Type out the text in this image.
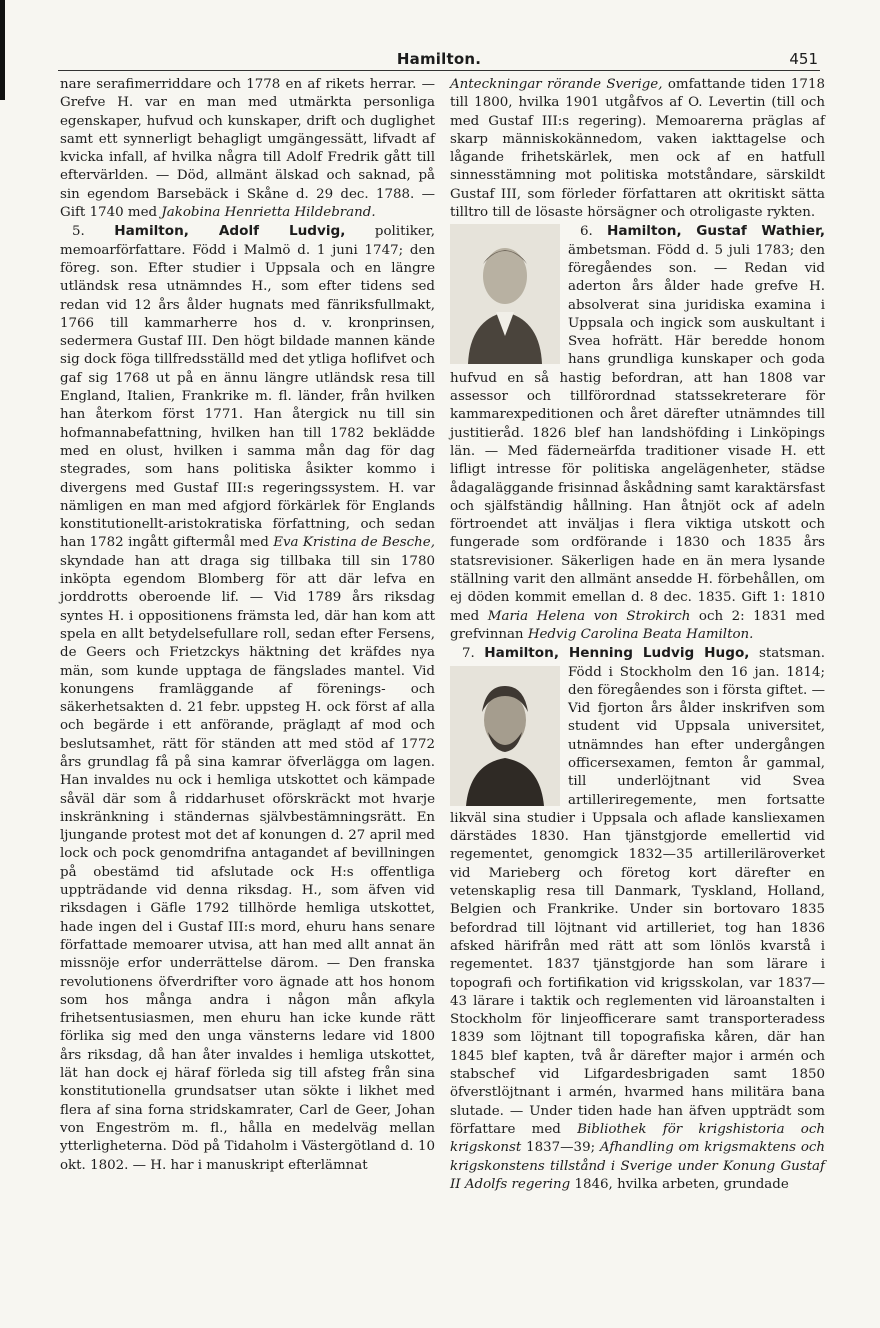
Hamilton.	451

nare serafimerriddare och 1778 en af rikets herrar. — Grefve H. var en man med utmärkta personliga egenskaper, hufvud och kunskaper, drift och duglighet samt ett synnerligt behagligt umgängessätt, lifvadt af kvicka infall, af hvilka några till Adolf Fredrik gått till eftervärlden. — Död, allmänt älskad och saknad, på sin egendom Barsebäck i Skåne d. 29 dec. 1788. — Gift 1740 med Jakobina Henrietta Hildebrand.

5. Hamilton, Adolf Ludvig, politiker, memoarförfattare. Född i Malmö d. 1 juni 1747; den föreg. son. Efter studier i Uppsala och en längre utländsk resa utnämndes H., som efter tidens sed redan vid 12 års ålder hugnats med fänriksfullmakt, 1766 till kammarherre hos d. v. kronprinsen, sedermera Gustaf III. Den högt bildade mannen kände sig dock föga tillfredsställd med det ytliga hoflifvet och gaf sig 1768 ut på en ännu längre utländsk resa till England, Italien, Frankrike m. fl. länder, från hvilken han återkom först 1771. Han återgick nu till sin hofmannabefattning, hvilken han till 1782 beklädde med en olust, hvilken i samma mån dag för dag stegrades, som hans politiska åsikter kommo i divergens med Gustaf III:s regeringssystem. H. var nämligen en man med afgjord förkärlek för Englands konstitutionellt-aristokratiska författning, och sedan han 1782 ingått giftermål med Eva Kristina de Besche, skyndade han att draga sig tillbaka till sin 1780 inköpta egendom Blomberg för att där lefva en jorddrotts oberoende lif. — Vid 1789 års riksdag syntes H. i oppositionens främsta led, där han kom att spela en allt betydelsefullare roll, sedan efter Fersens, de Geers och Frietzckys häktning det kräfdes nya män, som kunde upptaga de fängslades mantel. Vid konungens framläggande af förenings- och säkerhetsakten d. 21 febr. uppsteg H. ock först af alla och begärde i ett anförande, präglадt af mod och beslutsamhet, rätt för ständen att med stöd af 1772 års grundlag få på sina kamrar öfverlägga om lagen. Han invaldes nu ock i hemliga utskottet och kämpade såväl där som å riddarhuset oförskräckt mot hvarje inskränkning i ständernas självbestämningsrätt. En ljungande protest mot det af konungen d. 27 april med lock och pock genomdrifna antagandet af bevillningen på obestämd tid afslutade ock H:s offentliga uppträdande vid denna riksdag. H., som äfven vid riksdagen i Gäfle 1792 tillhörde hemliga utskottet, hade ingen del i Gustaf III:s mord, ehuru hans senare författade memoarer utvisa, att han med allt annat än missnöje erfor underrättelse därom. — Den franska revolutionens öfverdrifter voro ägnade att hos honom som hos många andra i någon mån afkyla frihetsentusiasmen, men ehuru han icke kunde rätt förlika sig med den unga vänsterns ledare vid 1800 års riksdag, då han åter invaldes i hemliga utskottet, lät han dock ej häraf förleda sig till afsteg från sina konstitutionella grundsatser utan sökte i likhet med flera af sina forna stridskamrater, Carl de Geer, Johan von Engeström m. fl., hålla en medelväg mellan ytterligheterna. Död på Tidaholm i Västergötland d. 10 okt. 1802. — H. har i manuskript efterlämnat

Anteckningar rörande Sverige, omfattande tiden 1718 till 1800, hvilka 1901 utgåfvos af O. Levertin (till och med Gustaf III:s regering). Memoarerna präglas af skarp människokännedom, vaken iakttagelse och lågande frihetskärlek, men ock af en hatfull sinnesstämning mot politiska motståndare, särskildt Gustaf III, som förleder författaren att okritiskt sätta tilltro till de lösaste hörsägner och otroligaste rykten.

6. Hamilton, Gustaf Wathier,
ämbetsman. Född d. 5 juli 1783; den föregåendes son. — Redan vid aderton års ålder hade grefve H. absolverat sina juridiska examina i Uppsala och ingick som auskultant i Svea hofrätt. Här beredde honom hans grundliga kunskaper och goda hufvud en så hastig befordran, att han 1808 var assessor och tillförordnad statssekreterare för kammarexpeditionen och året därefter utnämndes till justitieråd. 1826 blef han landshöfding i Linköpings län. — Med fäderneärfda traditioner visade H. ett lifligt intresse för politiska angelägenheter, städse ådagaläggande frisinnad åskådning samt karaktärsfast och själfständig hållning. Han åtnjöt ock af adeln förtroendet att inväljas i flera viktiga utskott och fungerade som ordförande i 1830 och 1835 års statsrevisioner. Säkerligen hade en än mera lysande ställning varit den allmänt ansedde H. förbehållen, om ej döden kommit emellan d. 8 dec. 1835. Gift 1: 1810 med Maria Helena von Strokirch och 2: 1831 med grefvinnan Hedvig Carolina Beata Hamilton.

7. Hamilton, Henning Ludvig Hugo,
statsman. Född i Stockholm den 16 jan. 1814; den föregåendes son i första giftet. — Vid fjorton års ålder inskrifven som student vid Uppsala universitet, utnämndes han efter undergången officersexamen, femton år gammal, till underlöjtnant vid Svea artilleriregemente, men fortsatte likväl sina studier i Uppsala och aflade kansliexamen därstädes 1830. Han tjänstgjorde emellertid vid regementet, genomgick 1832—35 artilleriläroverket vid Marieberg och företog kort därefter en vetenskaplig resa till Danmark, Tyskland, Holland, Belgien och Frankrike. Under sin bortovaro 1835 befordrad till löjtnant vid artilleriet, tog han 1836 afsked härifrån med rätt att som lönlös kvarstå i regementet. 1837 tjänstgjorde han som lärare i topografi och fortifikation vid krigsskolan, var 1837—43 lärare i taktik och reglementen vid läroanstalten i Stockholm för linjeofficerare samt transporteradess 1839 som löjtnant till topografiska kåren, där han 1845 blef kapten, två år därefter major i armén och stabschef vid Lifgardesbrigaden samt 1850 öfverstlöjtnant i armén, hvarmed hans militära bana slutade. — Under tiden hade han äfven uppträdt som författare med Bibliothek för krigshistoria och krigskonst 1837—39; Afhandling om krigsmaktens och krigskonstens tillstånd i Sverige under Konung Gustaf II Adolfs regering 1846, hvilka arbeten, grundade
